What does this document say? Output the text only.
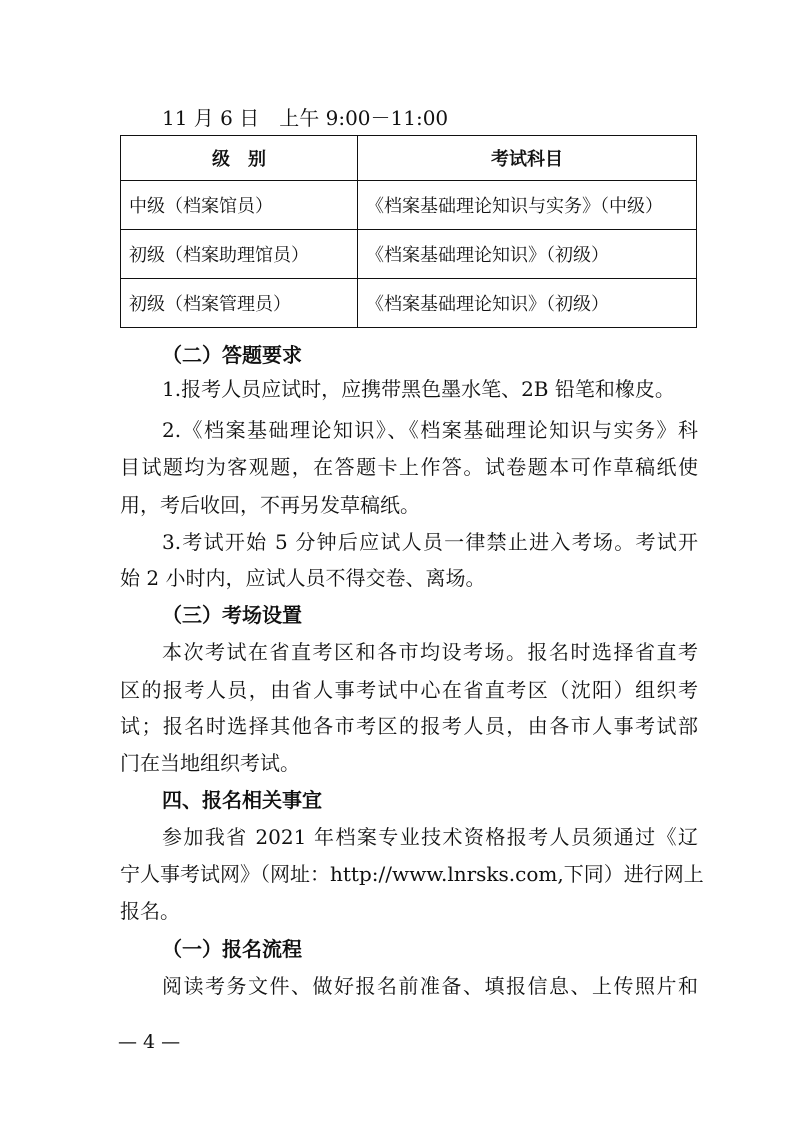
11 月 6 日　上午 9:00－11:00
级　别	考试科目
中级（档案馆员）	《档案基础理论知识与实务》（中级）
初级（档案助理馆员）	《档案基础理论知识》（初级）
初级（档案管理员）	《档案基础理论知识》（初级）
（二）答题要求
1.报考人员应试时，应携带黑色墨水笔、2B 铅笔和橡皮。
2.《档案基础理论知识》、《档案基础理论知识与实务》科
目试题均为客观题，在答题卡上作答。试卷题本可作草稿纸使
用，考后收回，不再另发草稿纸。
3.考试开始 5 分钟后应试人员一律禁止进入考场。考试开
始 2 小时内，应试人员不得交卷、离场。
（三）考场设置
本次考试在省直考区和各市均设考场。报名时选择省直考
区的报考人员，由省人事考试中心在省直考区（沈阳）组织考
试；报名时选择其他各市考区的报考人员，由各市人事考试部
门在当地组织考试。
四、报名相关事宜
参加我省 2021 年档案专业技术资格报考人员须通过《辽
宁人事考试网》（网址：http://www.lnrsks.com,下同）进行网上
报名。
（一）报名流程
阅读考务文件、做好报名前准备、填报信息、上传照片和
— 4 —
